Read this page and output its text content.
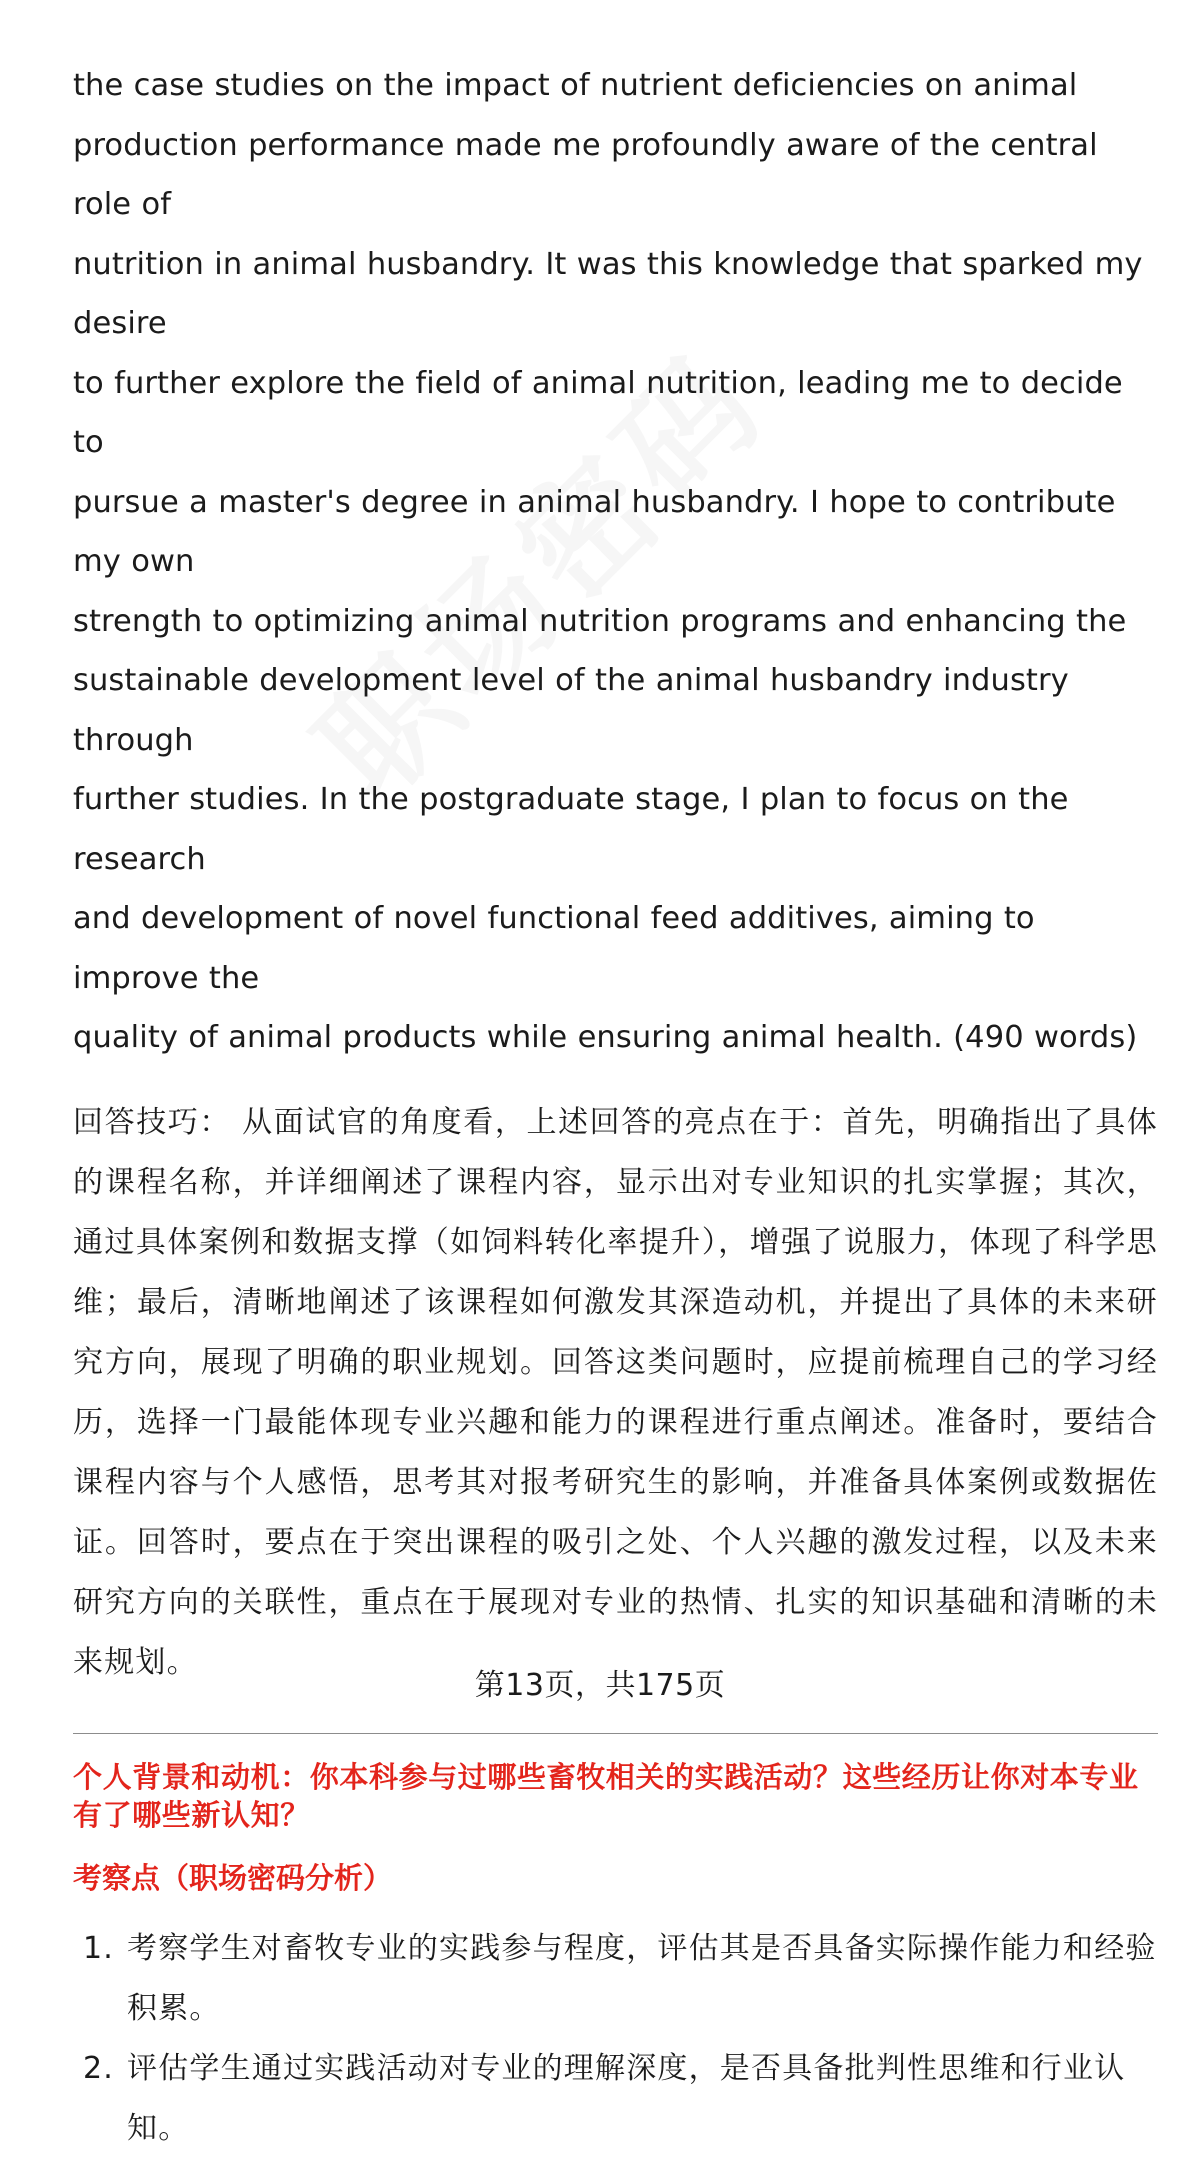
the case studies on the impact of nutrient deficiencies on animal
production performance made me profoundly aware of the central role of
nutrition in animal husbandry. It was this knowledge that sparked my desire
to further explore the field of animal nutrition, leading me to decide to
pursue a master's degree in animal husbandry. I hope to contribute my own
strength to optimizing animal nutrition programs and enhancing the
sustainable development level of the animal husbandry industry through
further studies. In the postgraduate stage, I plan to focus on the research
and development of novel functional feed additives, aiming to improve the
quality of animal products while ensuring animal health. (490 words)

回答技巧： 从面试官的角度看，上述回答的亮点在于：首先，明确指出了具体的课程名称，并详细阐述了课程内容，显示出对专业知识的扎实掌握；其次，通过具体案例和数据支撑（如饲料转化率提升），增强了说服力，体现了科学思维；最后，清晰地阐述了该课程如何激发其深造动机，并提出了具体的未来研究方向，展现了明确的职业规划。回答这类问题时，应提前梳理自己的学习经历，选择一门最能体现专业兴趣和能力的课程进行重点阐述。准备时，要结合课程内容与个人感悟，思考其对报考研究生的影响，并准备具体案例或数据佐证。回答时，要点在于突出课程的吸引之处、个人兴趣的激发过程，以及未来研究方向的关联性，重点在于展现对专业的热情、扎实的知识基础和清晰的未来规划。

个人背景和动机：你本科参与过哪些畜牧相关的实践活动？这些经历让你对本专业有了哪些新认知？
考察点（职场密码分析）
1. 考察学生对畜牧专业的实践参与程度，评估其是否具备实际操作能力和经验积累。
2. 评估学生通过实践活动对专业的理解深度，是否具备批判性思维和行业认知。
第13页，共175页
